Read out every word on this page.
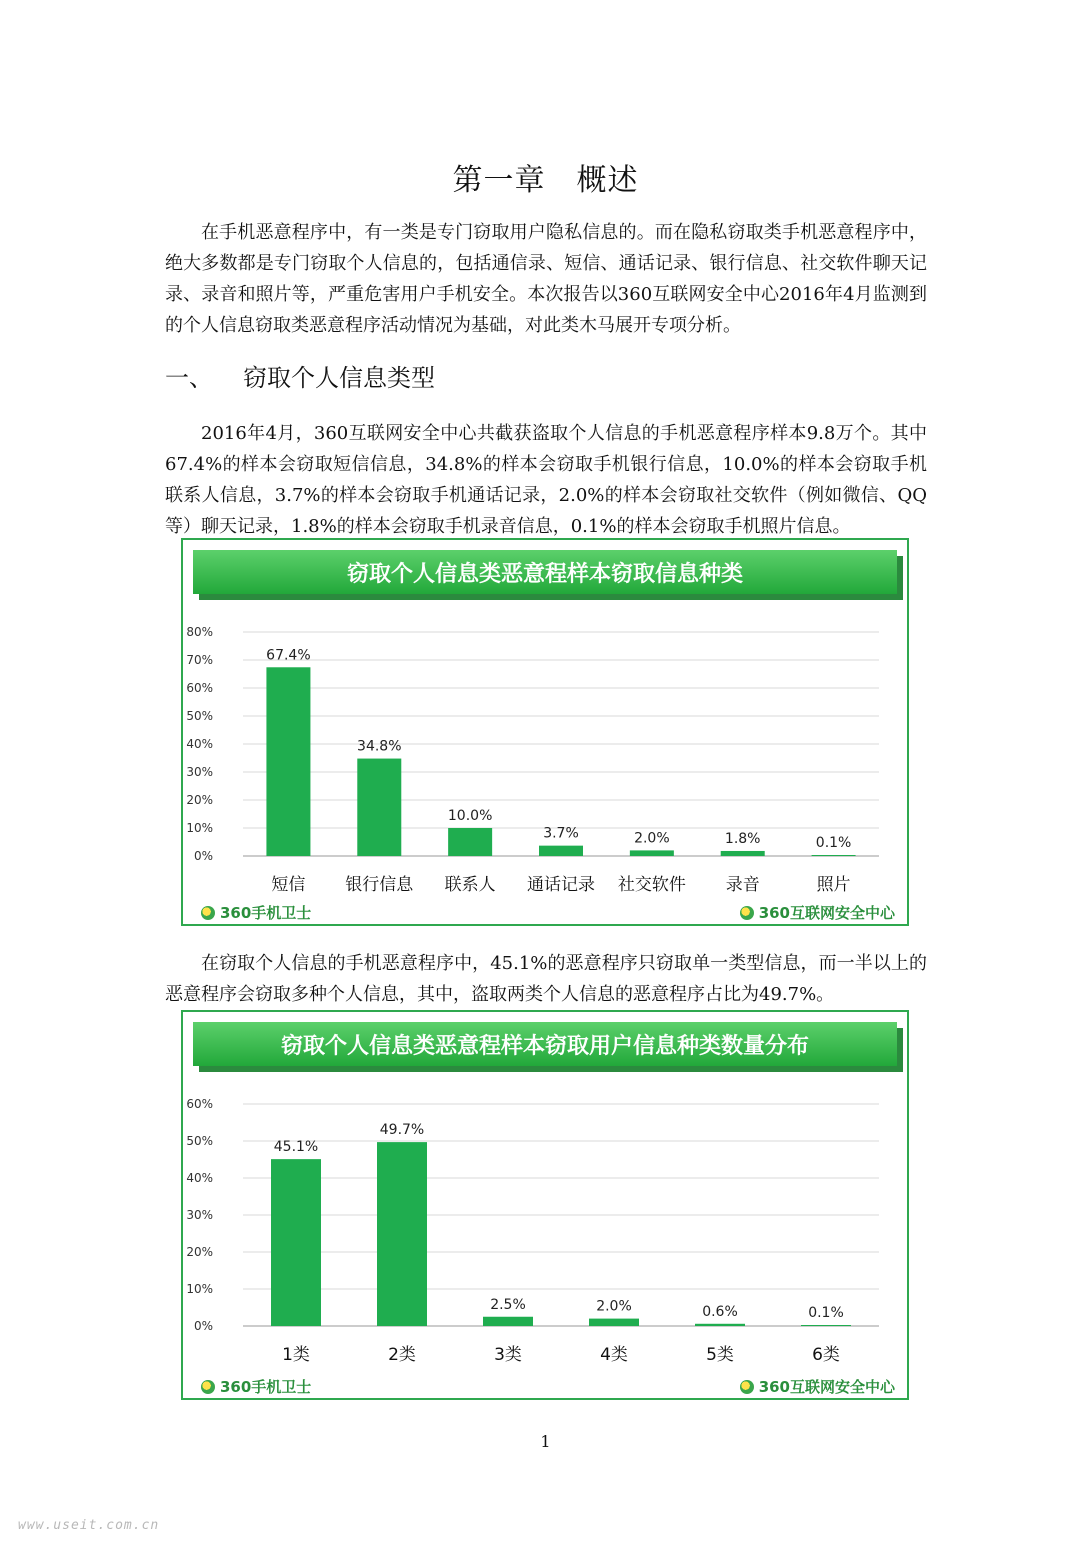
第一章　概述

在手机恶意程序中，有一类是专门窃取用户隐私信息的。而在隐私窃取类手机恶意程序中，绝大多数都是专门窃取个人信息的，包括通信录、短信、通话记录、银行信息、社交软件聊天记录、录音和照片等，严重危害用户手机安全。本次报告以360互联网安全中心2016年4月监测到的个人信息窃取类恶意程序活动情况为基础，对此类木马展开专项分析。

一、 窃取个人信息类型

2016年4月，360互联网安全中心共截获盗取个人信息的手机恶意程序样本9.8万个。其中67.4%的样本会窃取短信信息，34.8%的样本会窃取手机银行信息，10.0%的样本会窃取手机联系人信息，3.7%的样本会窃取手机通话记录，2.0%的样本会窃取社交软件（例如微信、QQ等）聊天记录，1.8%的样本会窃取手机录音信息，0.1%的样本会窃取手机照片信息。

窃取个人信息类恶意程样本窃取信息种类
0%
10%
20%
30%
40%
50%
60%
70%
80%
67.4%
短信
34.8%
银行信息
10.0%
联系人
3.7%
通话记录
2.0%
社交软件
1.8%
录音
0.1%
照片
360手机卫士	360互联网安全中心

在窃取个人信息的手机恶意程序中，45.1%的恶意程序只窃取单一类型信息，而一半以上的恶意程序会窃取多种个人信息，其中，盗取两类个人信息的恶意程序占比为49.7%。

窃取个人信息类恶意程样本窃取用户信息种类数量分布
0%
10%
20%
30%
40%
50%
60%
45.1%
1类
49.7%
2类
2.5%
3类
2.0%
4类
0.6%
5类
0.1%
6类
360手机卫士	360互联网安全中心
1
www.useit.com.cn
